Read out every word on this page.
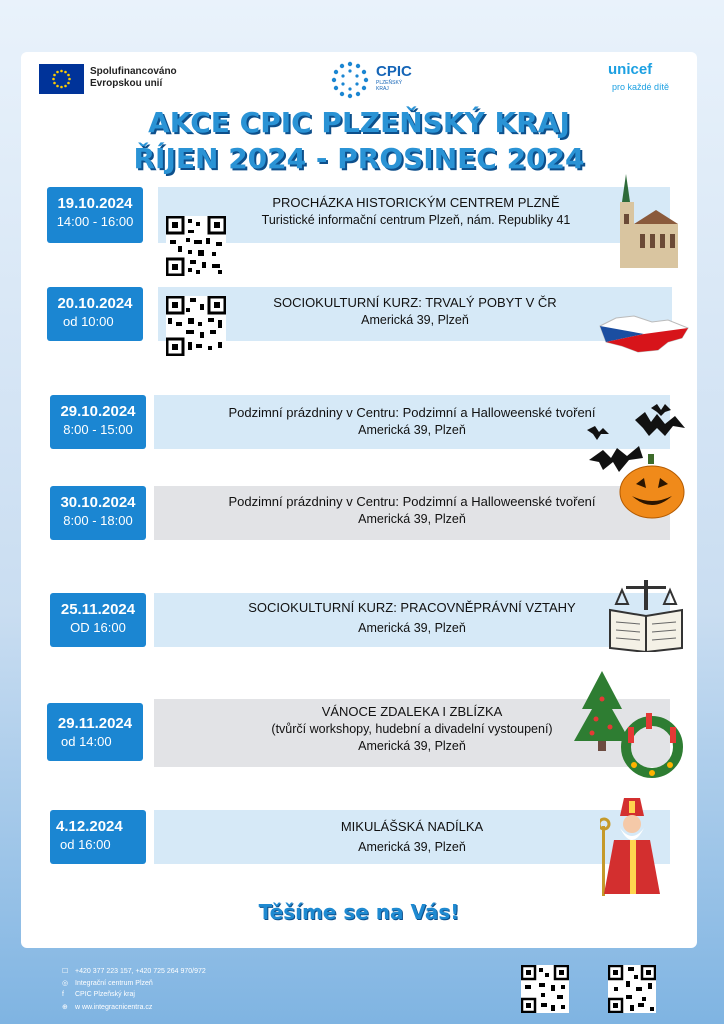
Spolufinancováno Evropskou unií
CPIC
PLZEŇSKÝ KRAJ
unicef
pro každé dítě
AKCE CPIC PLZEŇSKÝ KRAJ
ŘÍJEN 2024 - PROSINEC 2024
19.10.2024
14:00 - 16:00
PROCHÁZKA HISTORICKÝM CENTREM PLZNĚ
Turistické informační centrum Plzeň, nám. Republiky 41
20.10.2024
od 10:00
SOCIOKULTURNÍ KURZ: TRVALÝ POBYT V ČR
Americká 39, Plzeň
29.10.2024
8:00 - 15:00
Podzimní prázdniny v Centru: Podzimní a Halloweenské tvoření
Americká 39, Plzeň
30.10.2024
8:00 - 18:00
Podzimní prázdniny v Centru: Podzimní a Halloweenské tvoření
Americká 39, Plzeň
25.11.2024
OD 16:00
SOCIOKULTURNÍ KURZ: PRACOVNĚPRÁVNÍ VZTAHY
Americká 39, Plzeň
29.11.2024
od 14:00
VÁNOCE ZDALEKA I ZBLÍZKA
(tvůrčí workshopy, hudební a divadelní vystoupení)
Americká 39, Plzeň
4.12.2024
od 16:00
MIKULÁŠSKÁ NADÍLKA
Americká 39, Plzeň
Těšíme se na Vás!
☐ +420 377 223 157, +420 725 264 970/972
◎ Integrační centrum Plzeň
f CPIC Plzeňský kraj
⊕ w ww.integracnicentra.cz
